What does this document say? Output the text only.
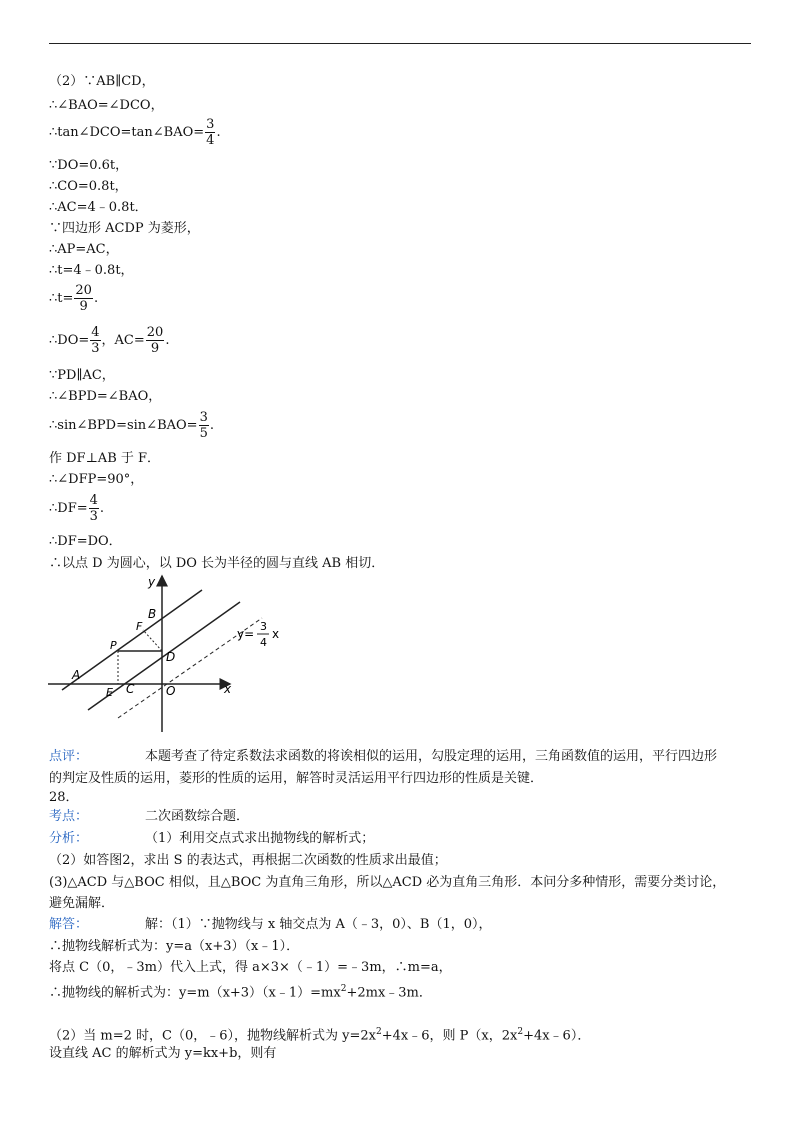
（2）∵AB∥CD，
∴∠BAO=∠DCO，
∴tan∠DCO=tan∠BAO= $\frac{3}{4}$ .
∵DO=0.6t，
∴CO=0.8t，
∴AC=4﹣0.8t．
∵四边形 ACDP 为菱形，
∴AP=AC，
∴t=4﹣0.8t，
∴t= $\frac{20}{9}$ .
∴DO= $\frac{4}{3}$ ，$AC= \frac{20}{9}$ .
∵PD∥AC，
∴∠BPD=∠BAO，
∴sin∠BPD=sin∠BAO= $\frac{3}{5}$ .
作 DF⊥AB 于 F．
∴∠DFP=90°，
∴DF= $\frac{4}{3}$ .
∴DF=DO．
∴以点 D 为圆心，以 DO 长为半径的圆与直线 AB 相切．
y
x
O
A
B
C
D
E
F
P
y=
3
4
x
点评：	本题考查了待定系数法求函数的将诶相似的运用，勾股定理的运用，三角函数值的运用，平行四边形
的判定及性质的运用，菱形的性质的运用，解答时灵活运用平行四边形的性质是关键．
28．
考点：	二次函数综合题．
分析：	（1）利用交点式求出抛物线的解析式；
（2）如答图2，求出 S 的表达式，再根据二次函数的性质求出最值；
(3)△ACD 与△BOC 相似，且△BOC 为直角三角形，所以△ACD 必为直角三角形．本问分多种情形，需要分类讨论，
避免漏解．
解答：	解：（1）∵抛物线与 x 轴交点为 A（﹣3，0）、B（1，0），
∴抛物线解析式为：y=a（x+3）（x﹣1）．
将点 C（0，﹣3m）代入上式，得 a×3×（﹣1）=﹣3m，∴m=a，
∴抛物线的解析式为：$y=m(x+3)(x﹣1)=mx^2+2mx﹣3m$．
（2）当 m=2 时，C（0，﹣6），抛物线解析式为 $y=2x^2+4x﹣6$，则 P（x，$2x^2+4x﹣6$）．
设直线 AC 的解析式为 y=kx+b，则有
